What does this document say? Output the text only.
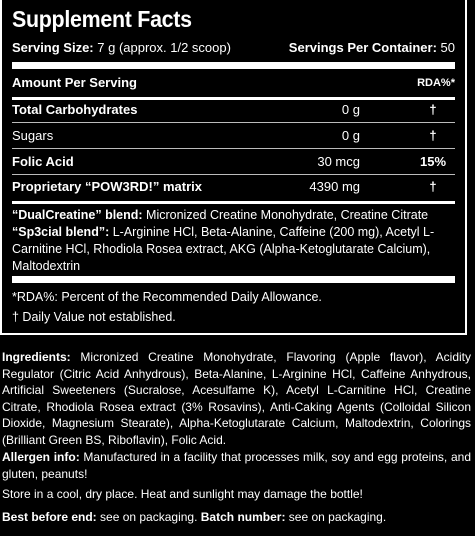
Supplement Facts
Serving Size: 7 g (approx. 1/2 scoop)	Servings Per Container: 50
Amount Per Serving	RDA%*
Total Carbohydrates	0 g	†
Sugars	0 g	†
Folic Acid	30 mcg	15%
Proprietary “POW3RD!” matrix	4390 mg	†
“DualCreatine” blend: Micronized Creatine Monohydrate, Creatine Citrate
“Sp3cial blend”: L-Arginine HCl, Beta-Alanine, Caffeine (200 mg), Acetyl L-Carnitine HCl, Rhodiola Rosea extract, AKG (Alpha-Ketoglutarate Calcium), Maltodextrin
*RDA%: Percent of the Recommended Daily Allowance.
† Daily Value not established.
Ingredients: Micronized Creatine Monohydrate, Flavoring (Apple flavor), Acidity Regulator (Citric Acid Anhydrous), Beta-Alanine, L-Arginine HCl, Caffeine Anhydrous, Artificial Sweeteners (Sucralose, Acesulfame K), Acetyl L-Carnitine HCl, Creatine Citrate, Rhodiola Rosea extract (3% Rosavins), Anti-Caking Agents (Colloidal Silicon Dioxide, Magnesium Stearate), Alpha-Ketoglutarate Calcium, Maltodextrin, Colorings (Brilliant Green BS, Riboflavin), Folic Acid.
Allergen info: Manufactured in a facility that processes milk, soy and egg proteins, and gluten, peanuts!
Store in a cool, dry place. Heat and sunlight may damage the bottle!
Best before end: see on packaging. Batch number: see on packaging.
